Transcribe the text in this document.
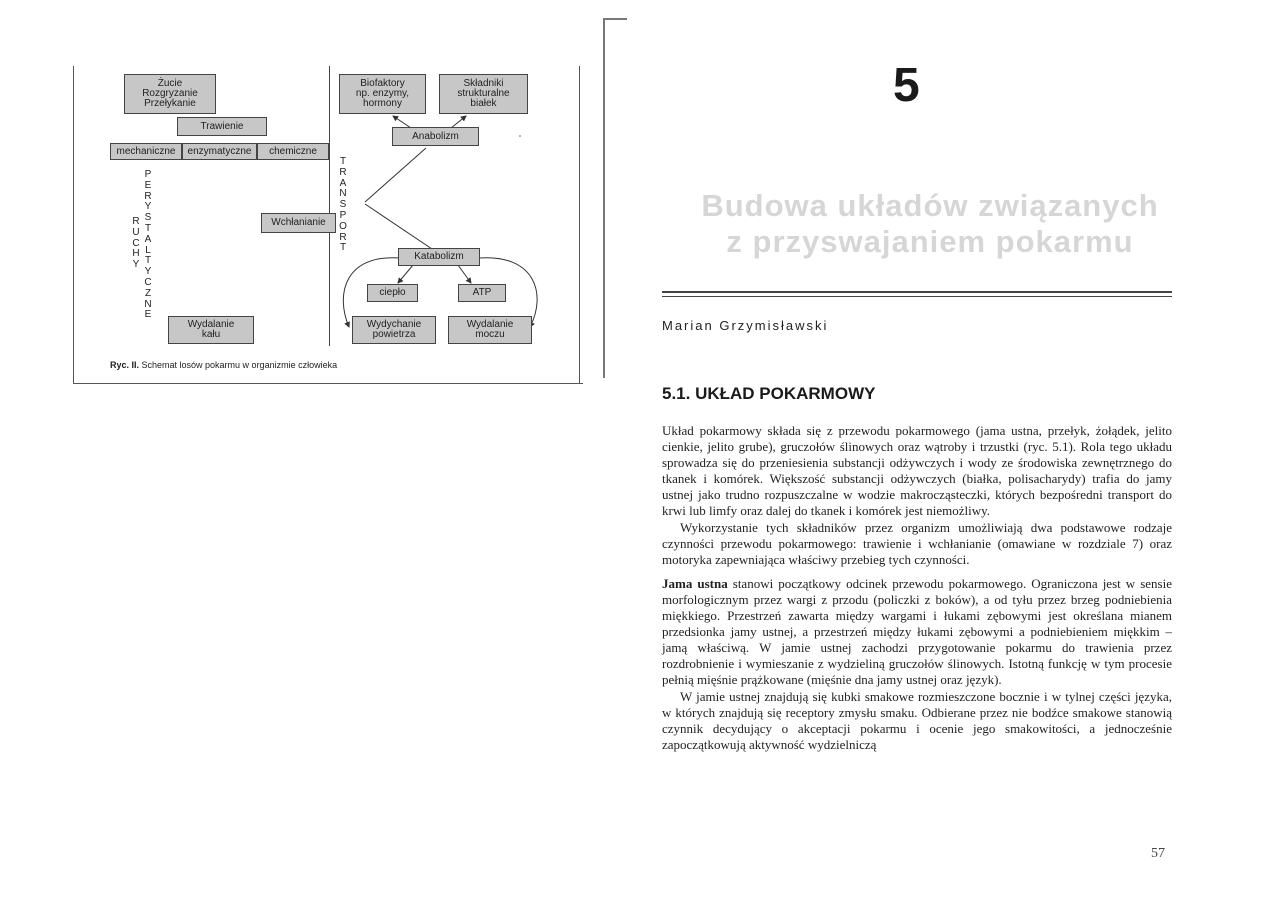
Żucie
Rozgryzanie
Przełykanie
Biofaktory
np. enzymy,
hormony
Składniki
strukturalne
białek
Trawienie
Anabolizm
mechaniczne	enzymatyczne	chemiczne
Wchłanianie
Katabolizm
ciepło	ATP
Wydalanie
kału
Wydychanie
powietrza
Wydalanie
moczu
RUCHY
PERYSTALTYCZNE
TRANSPORT
Ryc. II. Schemat losów pokarmu w organizmie człowieka
5
Budowa układów związanych
z przyswajaniem pokarmu
Marian Grzymisławski
5.1. UKŁAD POKARMOWY

Układ pokarmowy składa się z przewodu pokarmowego (jama ustna, przełyk, żołądek, jelito cienkie, jelito grube), gruczołów ślinowych oraz wątroby i trzustki (ryc. 5.1). Rola tego układu sprowadza się do przeniesienia substancji odżywczych i wody ze środowiska zewnętrznego do tkanek i komórek. Większość substancji odżywczych (białka, polisacharydy) trafia do jamy ustnej jako trudno rozpuszczalne w wodzie makrocząsteczki, których bezpośredni transport do krwi lub limfy oraz dalej do tkanek i komórek jest niemożliwy.

Wykorzystanie tych składników przez organizm umożliwiają dwa podstawowe rodzaje czynności przewodu pokarmowego: trawienie i wchłanianie (omawiane w rozdziale 7) oraz motoryka zapewniająca właściwy przebieg tych czynności.

Jama ustna stanowi początkowy odcinek przewodu pokarmowego. Ograniczona jest w sensie morfologicznym przez wargi z przodu (policzki z boków), a od tyłu przez brzeg podniebienia miękkiego. Przestrzeń zawarta między wargami i łukami zębowymi jest określana mianem przedsionka jamy ustnej, a przestrzeń między łukami zębowymi a podniebieniem miękkim – jamą właściwą. W jamie ustnej zachodzi przygotowanie pokarmu do trawienia przez rozdrobnienie i wymieszanie z wydzieliną gruczołów ślinowych. Istotną funkcję w tym procesie pełnią mięśnie prążkowane (mięśnie dna jamy ustnej oraz język).

W jamie ustnej znajdują się kubki smakowe rozmieszczone bocznie i w tylnej części języka, w których znajdują się receptory zmysłu smaku. Odbierane przez nie bodźce smakowe stanowią czynnik decydujący o akceptacji pokarmu i ocenie jego smakowitości, a jednocześnie zapoczątkowują aktywność wydzielniczą

57
